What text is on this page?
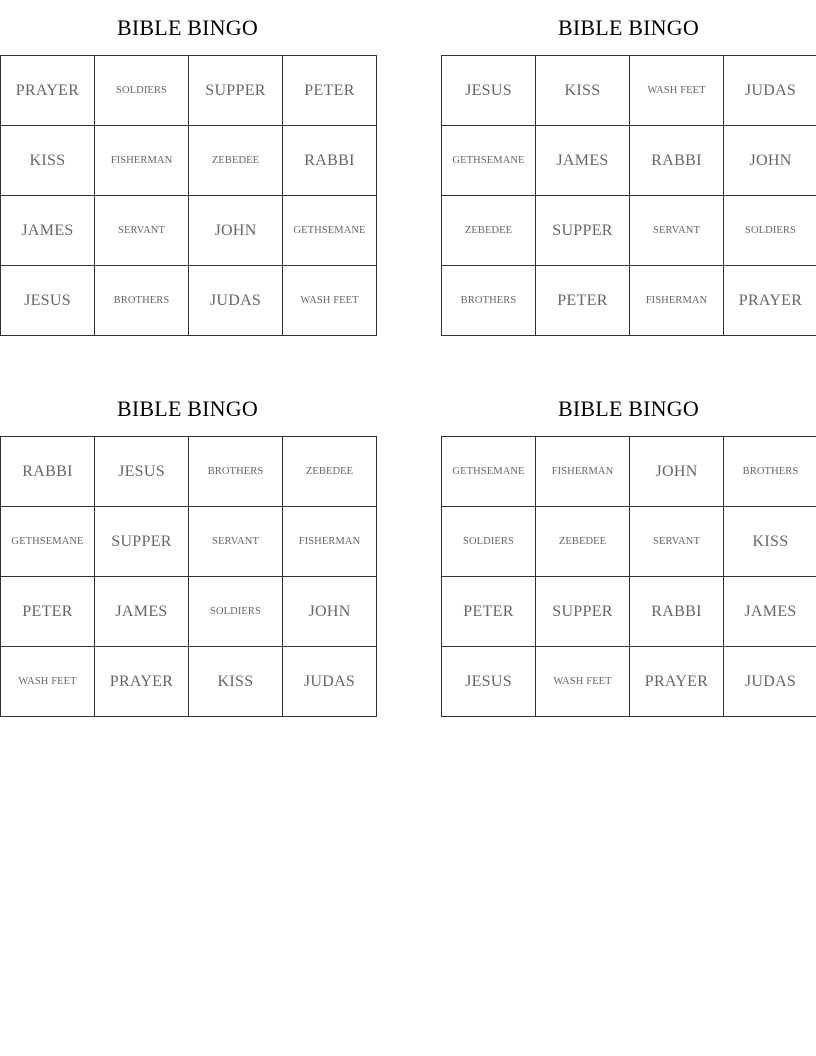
BIBLE BINGO
PRAYER	SOLDIERS	SUPPER	PETER
KISS	FISHERMAN	ZEBEDEE	RABBI
JAMES	SERVANT	JOHN	GETHSEMANE
JESUS	BROTHERS	JUDAS	WASH FEET
BIBLE BINGO
JESUS	KISS	WASH FEET	JUDAS
GETHSEMANE	JAMES	RABBI	JOHN
ZEBEDEE	SUPPER	SERVANT	SOLDIERS
BROTHERS	PETER	FISHERMAN	PRAYER
BIBLE BINGO
RABBI	JESUS	BROTHERS	ZEBEDEE
GETHSEMANE	SUPPER	SERVANT	FISHERMAN
PETER	JAMES	SOLDIERS	JOHN
WASH FEET	PRAYER	KISS	JUDAS
BIBLE BINGO
GETHSEMANE	FISHERMAN	JOHN	BROTHERS
SOLDIERS	ZEBEDEE	SERVANT	KISS
PETER	SUPPER	RABBI	JAMES
JESUS	WASH FEET	PRAYER	JUDAS
